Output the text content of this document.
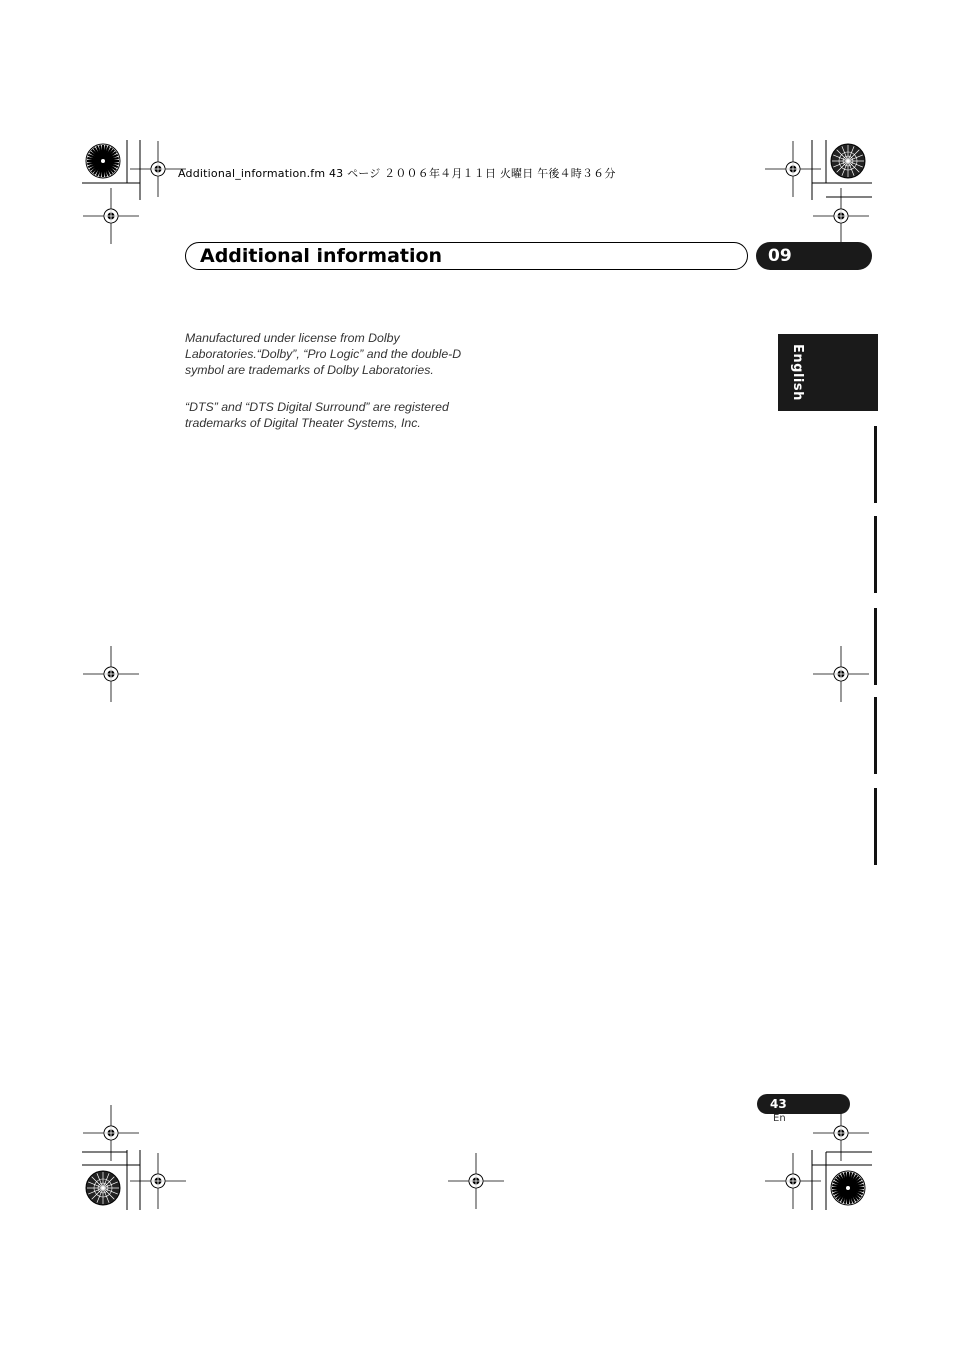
Additional_information.fm 43 ページ ２００６年４月１１日 火曜日 午後４時３６分
Additional information	09
English

Manufactured under license from Dolby Laboratories.“Dolby”, “Pro Logic” and the double-D symbol are trademarks of Dolby Laboratories.

“DTS” and “DTS Digital Surround” are registered trademarks of Digital Theater Systems, Inc.

43
En
